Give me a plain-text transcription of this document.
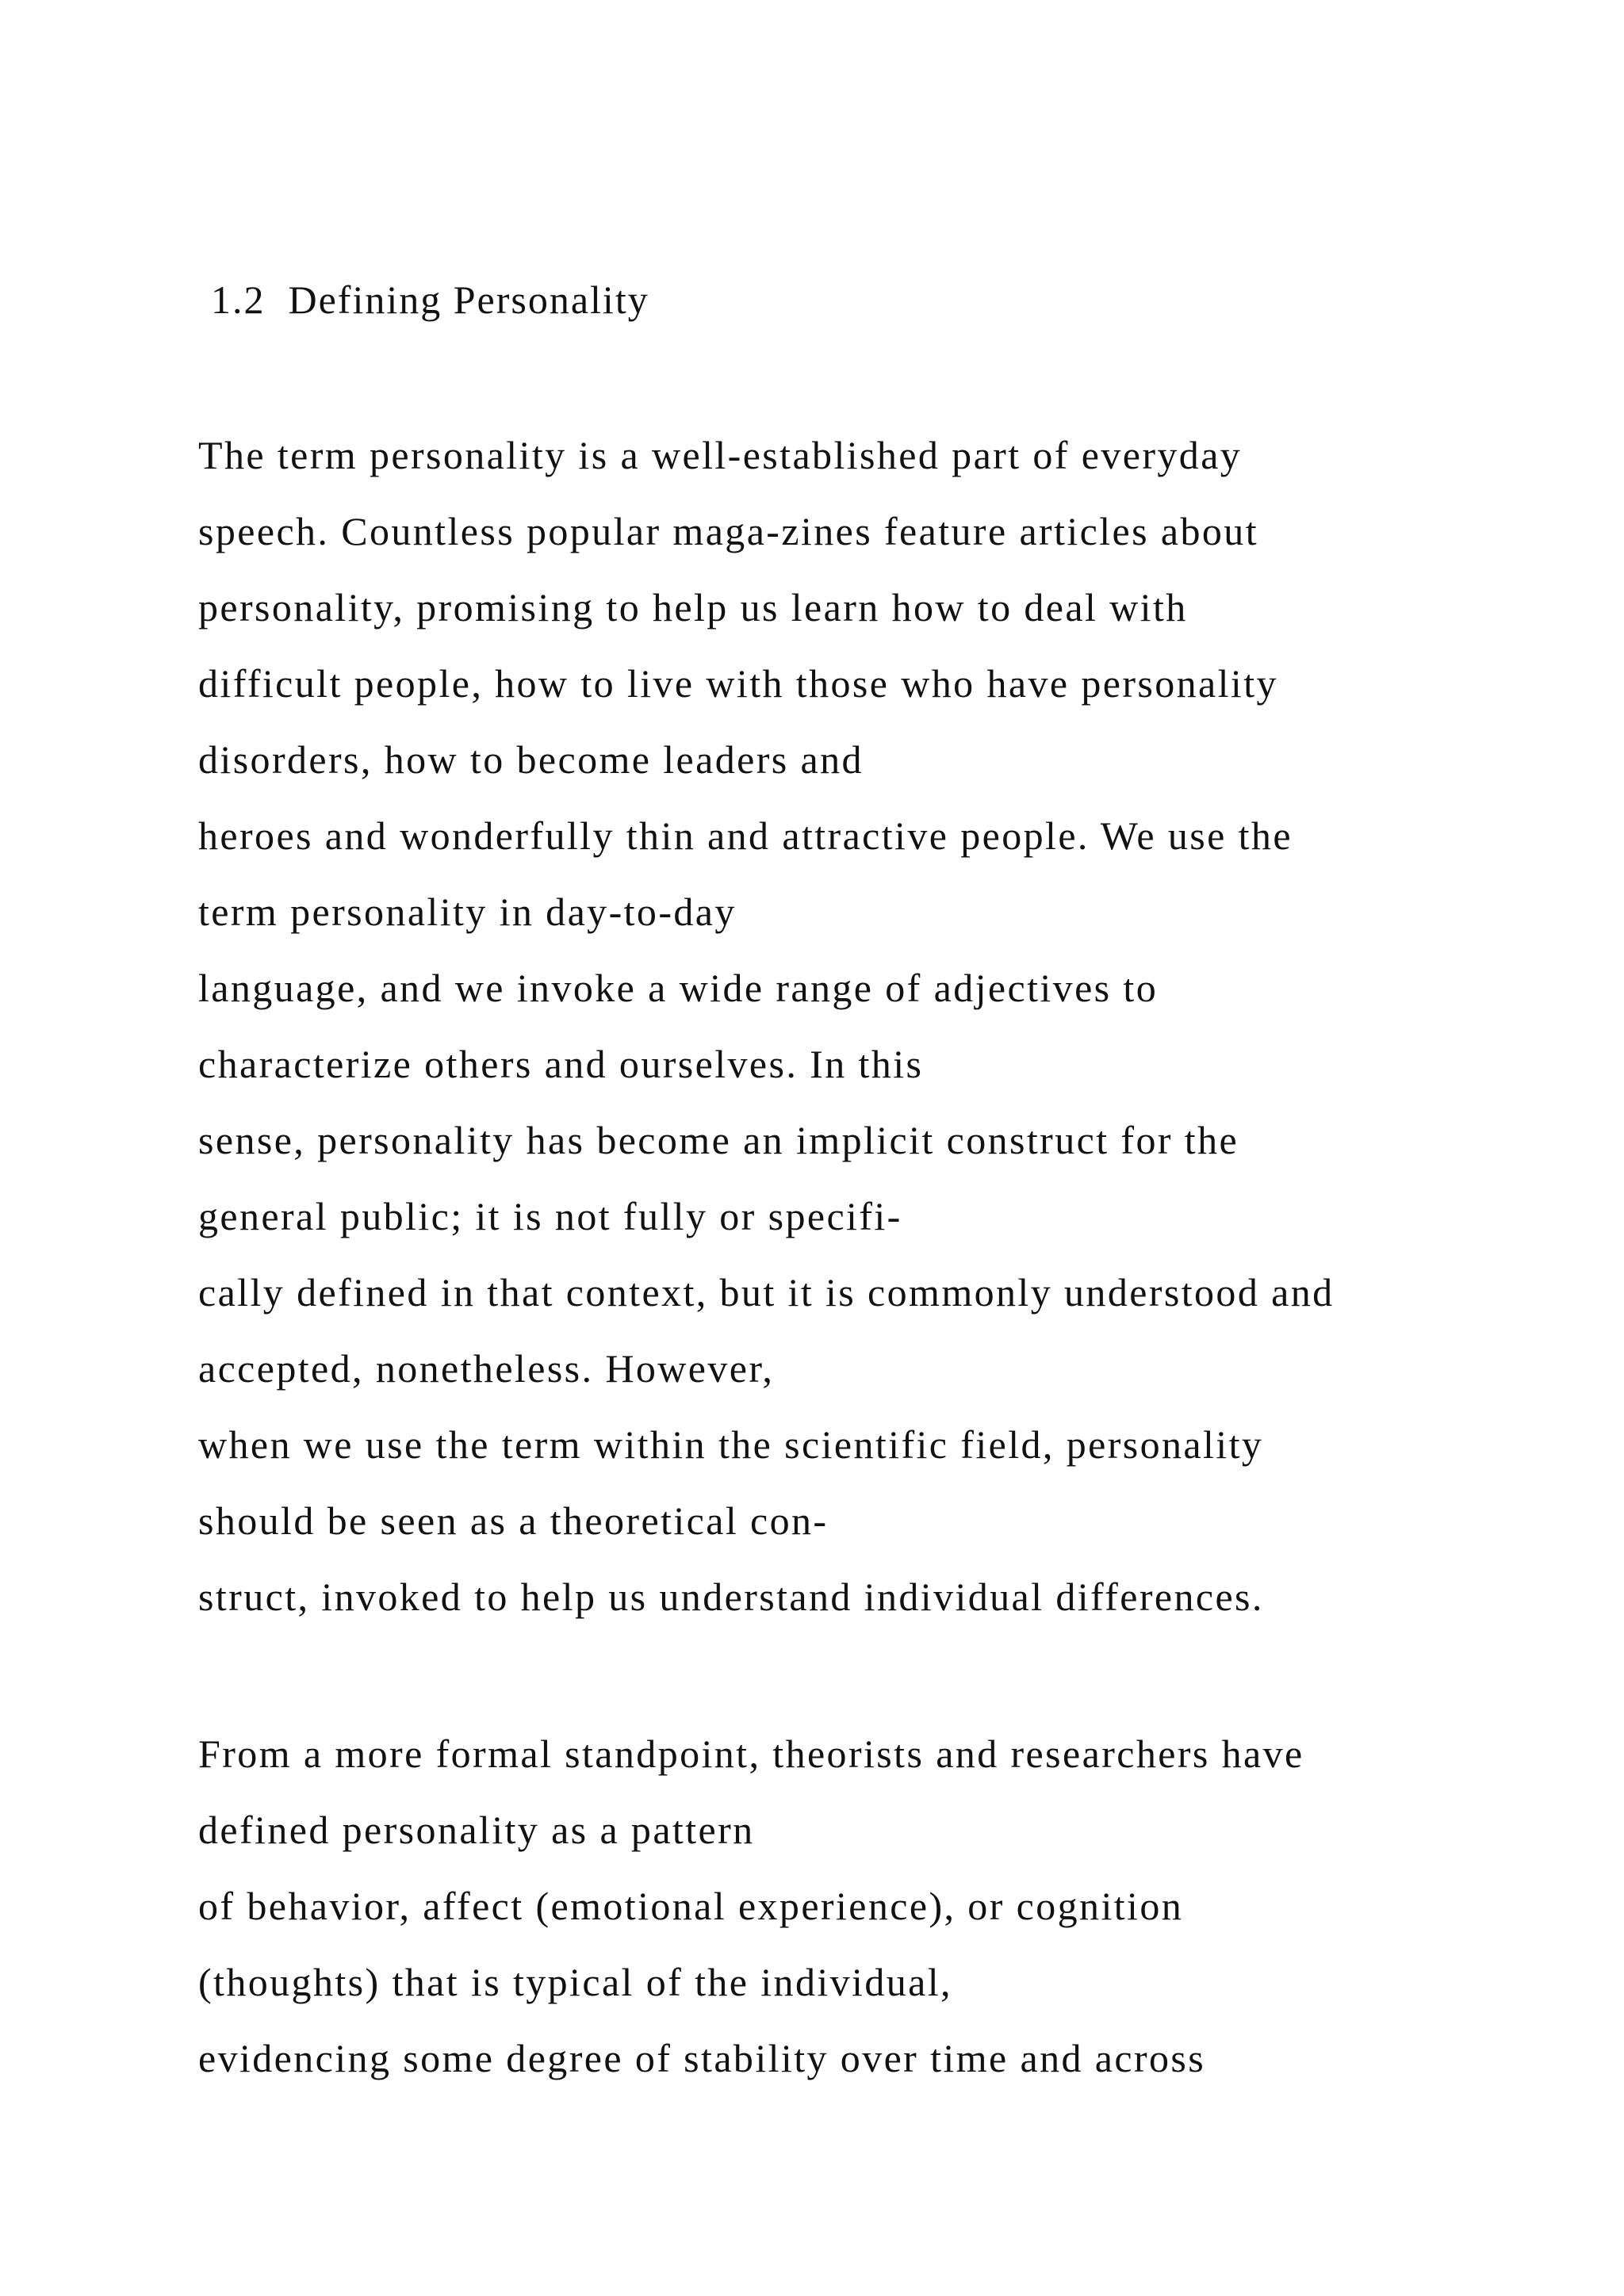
1.2  Defining Personality
The term personality is a well-established part of everyday
speech. Countless popular maga-zines feature articles about
personality, promising to help us learn how to deal with
difficult people, how to live with those who have personality
disorders, how to become leaders and
heroes and wonderfully thin and attractive people. We use the
term personality in day-to-day
language, and we invoke a wide range of adjectives to
characterize others and ourselves. In this
sense, personality has become an implicit construct for the
general public; it is not fully or specifi-
cally defined in that context, but it is commonly understood and
accepted, nonetheless. However,
when we use the term within the scientific field, personality
should be seen as a theoretical con-
struct, invoked to help us understand individual differences.
From a more formal standpoint, theorists and researchers have
defined personality as a pattern
of behavior, affect (emotional experience), or cognition
(thoughts) that is typical of the individual,
evidencing some degree of stability over time and across
